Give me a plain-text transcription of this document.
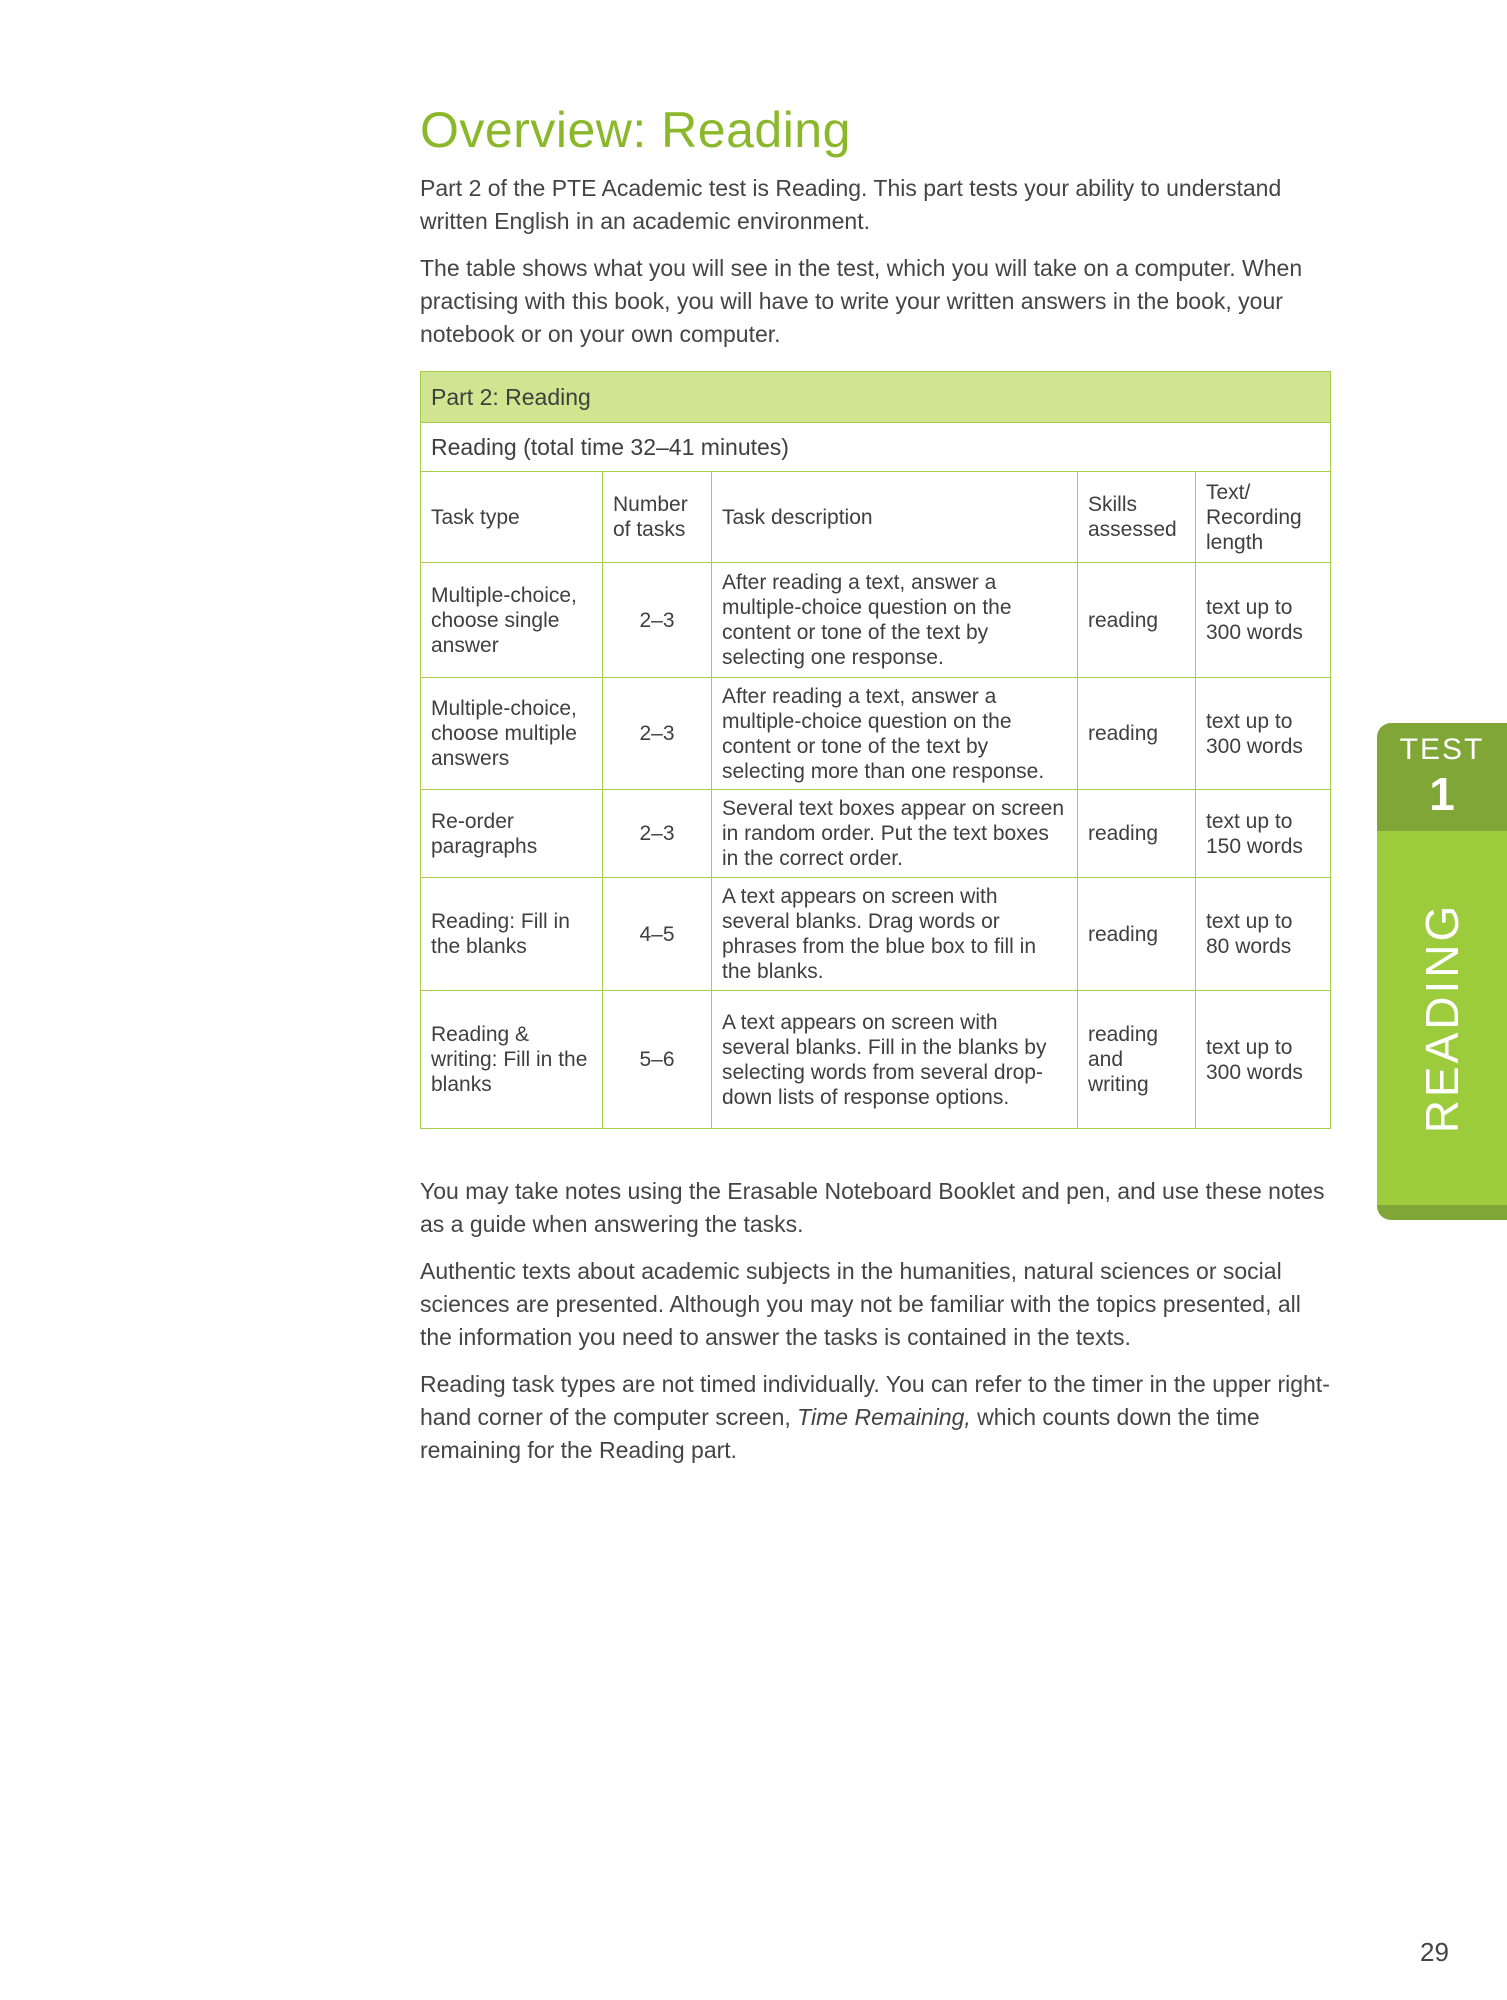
Overview: Reading

Part 2 of the PTE Academic test is Reading. This part tests your ability to understand written English in an academic environment.

The table shows what you will see in the test, which you will take on a computer. When practising with this book, you will have to write your written answers in the book, your notebook or on your own computer.

Part 2: Reading				
Reading (total time 32–41 minutes)				
Task type	Number of tasks	Task description	Skills assessed	Text/ Recording length
Multiple-choice, choose single answer	2–3	After reading a text, answer a multiple-choice question on the content or tone of the text by selecting one response.	reading	text up to 300 words
Multiple-choice, choose multiple answers	2–3	After reading a text, answer a multiple-choice question on the content or tone of the text by selecting more than one response.	reading	text up to 300 words
Re-order paragraphs	2–3	Several text boxes appear on screen in random order. Put the text boxes in the correct order.	reading	text up to 150 words
Reading: Fill in the blanks	4–5	A text appears on screen with several blanks. Drag words or phrases from the blue box to fill in the blanks.	reading	text up to 80 words
Reading & writing: Fill in the blanks	5–6	A text appears on screen with several blanks. Fill in the blanks by selecting words from several drop-down lists of response options.	reading and writing	text up to 300 words

You may take notes using the Erasable Noteboard Booklet and pen, and use these notes as a guide when answering the tasks.

Authentic texts about academic subjects in the humanities, natural sciences or social sciences are presented. Although you may not be familiar with the topics presented, all the information you need to answer the tasks is contained in the texts.

Reading task types are not timed individually. You can refer to the timer in the upper right-hand corner of the computer screen, Time Remaining, which counts down the time remaining for the Reading part.

TEST
1
READING
29
